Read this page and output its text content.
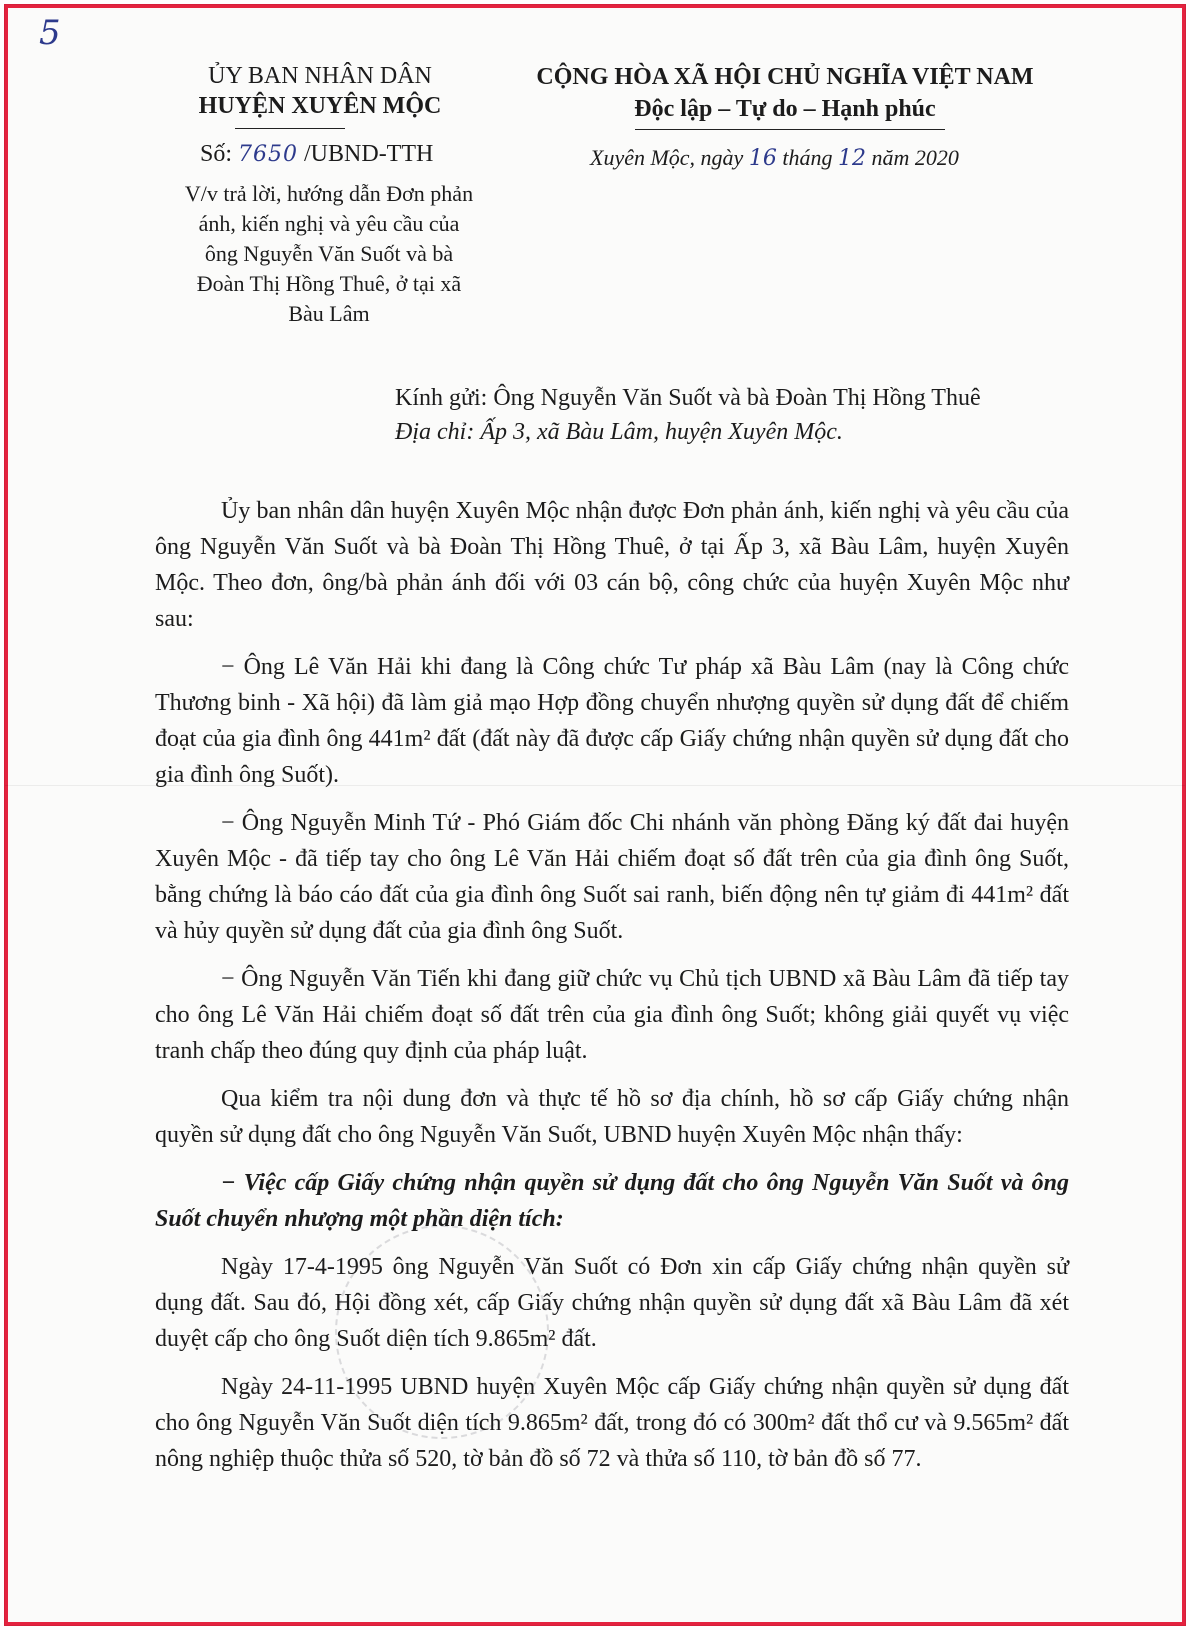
5
ỦY BAN NHÂN DÂN
HUYỆN XUYÊN MỘC
CỘNG HÒA XÃ HỘI CHỦ NGHĨA VIỆT NAM
Độc lập – Tự do – Hạnh phúc
Số: 7650 /UBND-TTH	Xuyên Mộc, ngày 16 tháng 12 năm 2020
V/v trả lời, hướng dẫn Đơn phản ánh, kiến nghị và yêu cầu của ông Nguyễn Văn Suốt và bà Đoàn Thị Hồng Thuê, ở tại xã Bàu Lâm
Kính gửi: Ông Nguyễn Văn Suốt và bà Đoàn Thị Hồng Thuê
Địa chỉ: Ấp 3, xã Bàu Lâm, huyện Xuyên Mộc.

Ủy ban nhân dân huyện Xuyên Mộc nhận được Đơn phản ánh, kiến nghị và yêu cầu của ông Nguyễn Văn Suốt và bà Đoàn Thị Hồng Thuê, ở tại Ấp 3, xã Bàu Lâm, huyện Xuyên Mộc. Theo đơn, ông/bà phản ánh đối với 03 cán bộ, công chức của huyện Xuyên Mộc như sau:

− Ông Lê Văn Hải khi đang là Công chức Tư pháp xã Bàu Lâm (nay là Công chức Thương binh - Xã hội) đã làm giả mạo Hợp đồng chuyển nhượng quyền sử dụng đất để chiếm đoạt của gia đình ông 441m² đất (đất này đã được cấp Giấy chứng nhận quyền sử dụng đất cho gia đình ông Suốt).

− Ông Nguyễn Minh Tứ - Phó Giám đốc Chi nhánh văn phòng Đăng ký đất đai huyện Xuyên Mộc - đã tiếp tay cho ông Lê Văn Hải chiếm đoạt số đất trên của gia đình ông Suốt, bằng chứng là báo cáo đất của gia đình ông Suốt sai ranh, biến động nên tự giảm đi 441m² đất và hủy quyền sử dụng đất của gia đình ông Suốt.

− Ông Nguyễn Văn Tiến khi đang giữ chức vụ Chủ tịch UBND xã Bàu Lâm đã tiếp tay cho ông Lê Văn Hải chiếm đoạt số đất trên của gia đình ông Suốt; không giải quyết vụ việc tranh chấp theo đúng quy định của pháp luật.

Qua kiểm tra nội dung đơn và thực tế hồ sơ địa chính, hồ sơ cấp Giấy chứng nhận quyền sử dụng đất cho ông Nguyễn Văn Suốt, UBND huyện Xuyên Mộc nhận thấy:

− Việc cấp Giấy chứng nhận quyền sử dụng đất cho ông Nguyễn Văn Suốt và ông Suốt chuyển nhượng một phần diện tích:

Ngày 17-4-1995 ông Nguyễn Văn Suốt có Đơn xin cấp Giấy chứng nhận quyền sử dụng đất. Sau đó, Hội đồng xét, cấp Giấy chứng nhận quyền sử dụng đất xã Bàu Lâm đã xét duyệt cấp cho ông Suốt diện tích 9.865m² đất.

Ngày 24-11-1995 UBND huyện Xuyên Mộc cấp Giấy chứng nhận quyền sử dụng đất cho ông Nguyễn Văn Suốt diện tích 9.865m² đất, trong đó có 300m² đất thổ cư và 9.565m² đất nông nghiệp thuộc thửa số 520, tờ bản đồ số 72 và thửa số 110, tờ bản đồ số 77.
